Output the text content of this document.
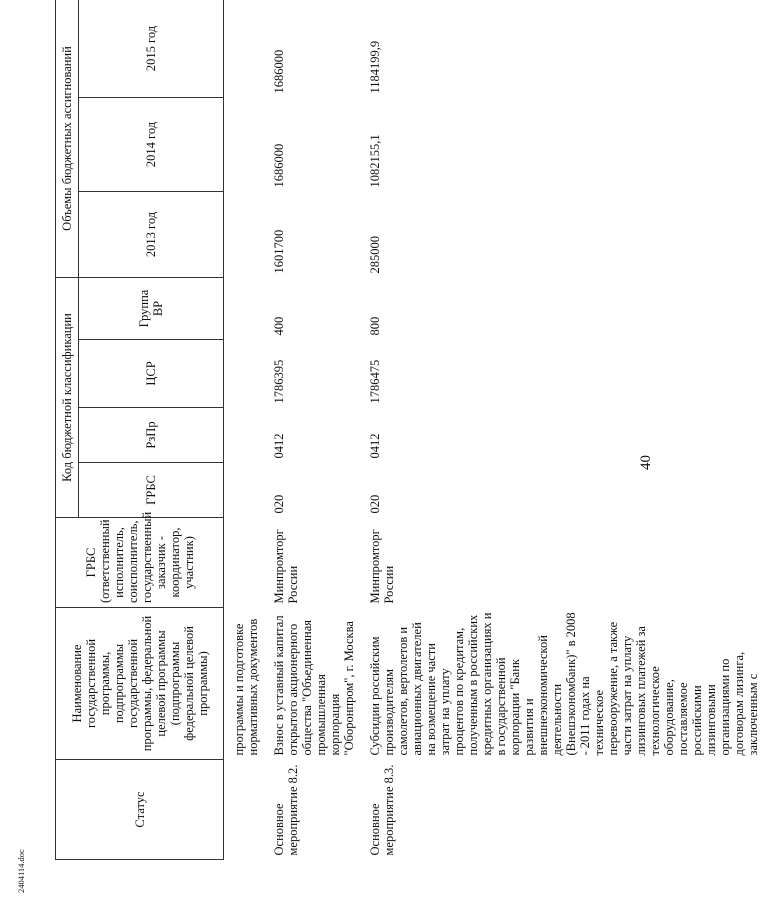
40
Статус	Наименование государственной программы, подпрограммы государственной программы, федеральной целевой программы (подпрограммы федеральной целевой программы)	ГРБС (ответственный исполнитель, соисполнитель, государственный заказчик - координатор, участник)	Код бюджетной классификации				Объемы бюджетных ассигнований		
			ГРБС	РзПр	ЦСР	Группа ВР	2013 год	2014 год	2015 год
	программы и подготовке нормативных документов								
Основное мероприятие 8.2.	Взнос в уставный капитал открытого акционерного общества "Объединенная промышленная корпорация "Оборонпром", г. Москва	Минпромторг России	020	0412	1786395	400	1601700	1686000	1686000
Основное мероприятие 8.3.	Субсидии российским производителям самолетов, вертолетов и авиационных двигателей на возмещение части затрат на уплату процентов по кредитам, полученным в российских кредитных организациях и в государственной корпорации "Банк развития и внешнеэкономической деятельности (Внешэкономбанк)" в 2008 - 2011 годах на техническое перевооружение, а также части затрат на уплату лизинговых платежей за технологическое оборудование, поставляемое российскими лизинговыми организациями по договорам лизинга, заключенным с	Минпромторг России	020	0412	1786475	800	285000	1082155,1	1184199,9
2404114.doc
